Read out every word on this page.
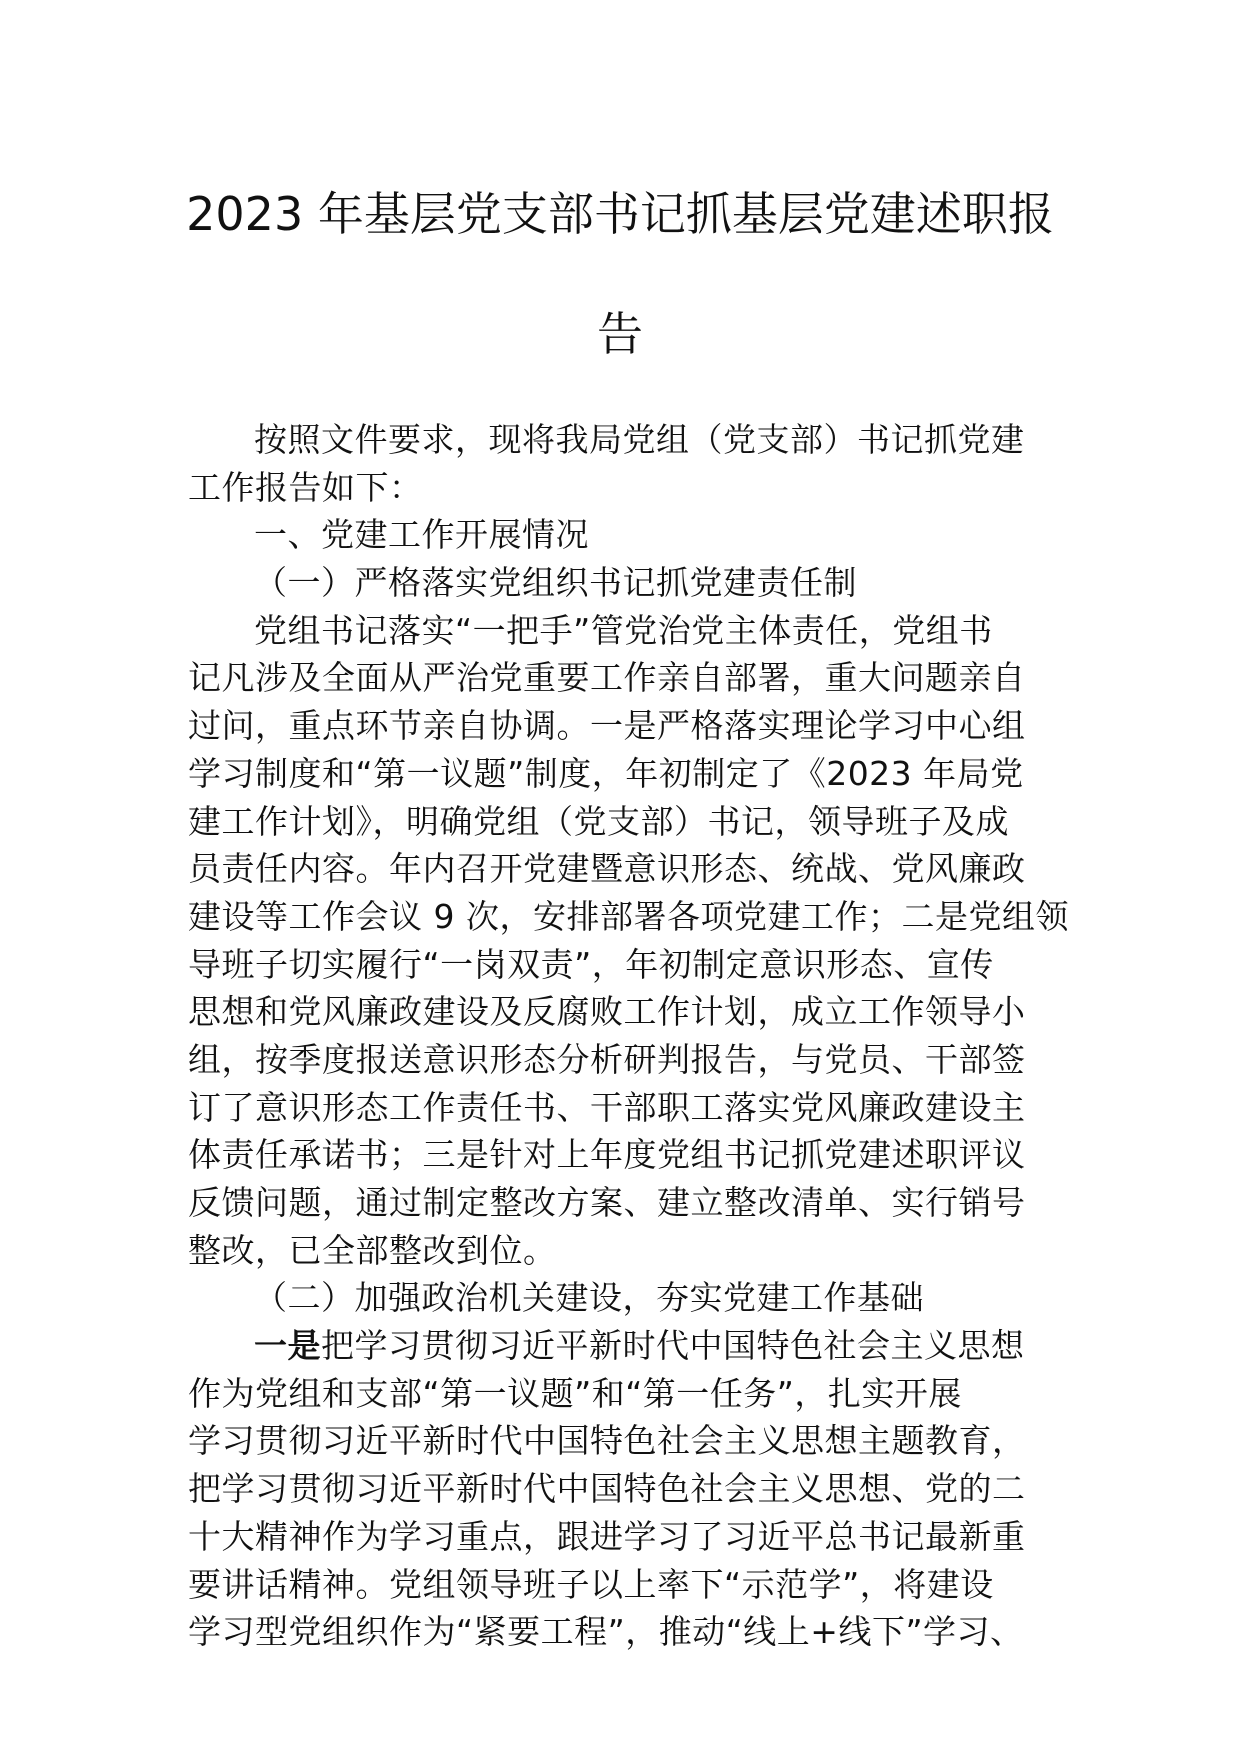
2023 年基层党支部书记抓基层党建述职报
告
按照文件要求，现将我局党组（党支部）书记抓党建
工作报告如下：
一、党建工作开展情况
（一）严格落实党组织书记抓党建责任制
党组书记落实“一把手”管党治党主体责任，党组书
记凡涉及全面从严治党重要工作亲自部署，重大问题亲自
过问，重点环节亲自协调。一是严格落实理论学习中心组
学习制度和“第一议题”制度，年初制定了《2023 年局党
建工作计划》，明确党组（党支部）书记，领导班子及成
员责任内容。年内召开党建暨意识形态、统战、党风廉政
建设等工作会议 9 次，安排部署各项党建工作；二是党组领
导班子切实履行“一岗双责”，年初制定意识形态、宣传
思想和党风廉政建设及反腐败工作计划，成立工作领导小
组，按季度报送意识形态分析研判报告，与党员、干部签
订了意识形态工作责任书、干部职工落实党风廉政建设主
体责任承诺书；三是针对上年度党组书记抓党建述职评议
反馈问题，通过制定整改方案、建立整改清单、实行销号
整改，已全部整改到位。
（二）加强政治机关建设，夯实党建工作基础
一是把学习贯彻习近平新时代中国特色社会主义思想
作为党组和支部“第一议题”和“第一任务”，扎实开展
学习贯彻习近平新时代中国特色社会主义思想主题教育，
把学习贯彻习近平新时代中国特色社会主义思想、党的二
十大精神作为学习重点，跟进学习了习近平总书记最新重
要讲话精神。党组领导班子以上率下“示范学”，将建设
学习型党组织作为“紧要工程”，推动“线上+线下”学习、
